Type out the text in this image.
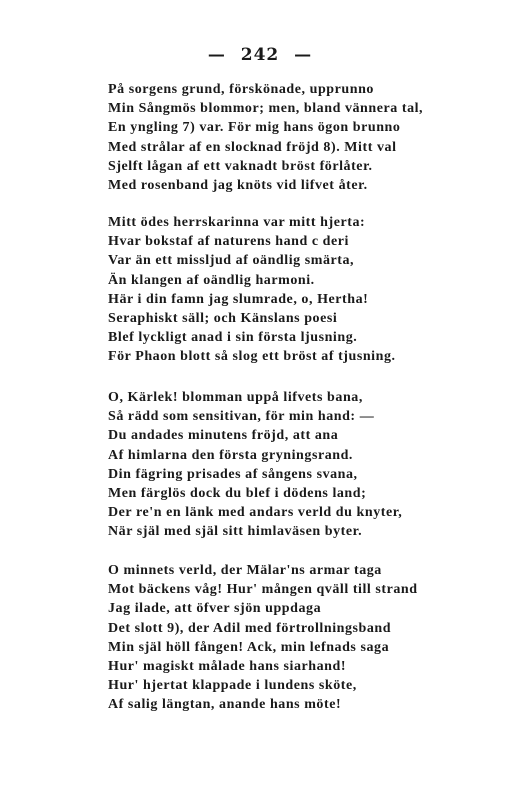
— 242 —
På sorgens grund, förskönade, upprunno
Min Sångmös blommor; men, bland vännera tal,
En yngling 7) var. För mig hans ögon brunno
Med strålar af en slocknad fröjd 8). Mitt val
Sjelft lågan af ett vaknadt bröst förlåter.
Med rosenband jag knöts vid lifvet åter.
Mitt ödes herrskarinna var mitt hjerta:
Hvar bokstaf af naturens hand c deri
Var än ett missljud af oändlig smärta,
Än klangen af oändlig harmoni.
Här i din famn jag slumrade, o, Hertha!
Seraphiskt säll; och Känslans poesi
Blef lyckligt anad i sin första ljusning.
För Phaon blott så slog ett bröst af tjusning.
O, Kärlek! blomman uppå lifvets bana,
Så rädd som sensitivan, för min hand: —
Du andades minutens fröjd, att ana
Af himlarna den första gryningsrand.
Din fägring prisades af sångens svana,
Men färglös dock du blef i dödens land;
Der re'n en länk med andars verld du knyter,
När själ med själ sitt himlaväsen byter.
O minnets verld, der Mälar'ns armar taga
Mot bäckens våg! Hur' mången qväll till strand
Jag ilade, att öfver sjön uppdaga
Det slott 9), der Adil med förtrollningsband
Min själ höll fången! Ack, min lefnads saga
Hur' magiskt målade hans siarhand!
Hur' hjertat klappade i lundens sköte,
Af salig längtan, anande hans möte!
